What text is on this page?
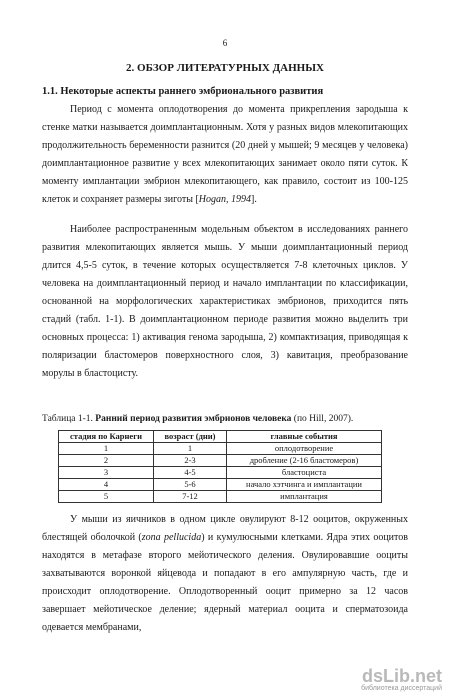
6
2. ОБЗОР ЛИТЕРАТУРНЫХ ДАННЫХ
1.1. Некоторые аспекты раннего эмбрионального развития
Период с момента оплодотворения до момента прикрепления зародыша к стенке матки называется доимплантационным. Хотя у разных видов млекопитающих продолжительность беременности разнится (20 дней у мышей; 9 месяцев у человека) доимплантационное развитие у всех млекопитающих занимает около пяти суток. К моменту имплантации эмбрион млекопитающего, как правило, состоит из 100-125 клеток и сохраняет размеры зиготы [Hogan, 1994].
Наиболее распространенным модельным объектом в исследованиях раннего развития млекопитающих является мышь. У мыши доимплантационный период длится 4,5-5 суток, в течение которых осуществляется 7-8 клеточных циклов. У человека на доимплантационный период и начало имплантации по классификации, основанной на морфологических характеристиках эмбрионов, приходится пять стадий (табл. 1-1). В доимплантационном периоде развития можно выделить три основных процесса: 1) активация генома зародыша, 2) компактизация, приводящая к поляризации бластомеров поверхностного слоя, 3) кавитация, преобразование морулы в бластоцисту.
Таблица 1-1. Ранний период развития эмбрионов человека (по Hill, 2007).
стадия по Карнеги	возраст (дни)	главные события
1	1	оплодотворение
2	2-3	дробление (2-16 бластомеров)
3	4-5	бластоциста
4	5-6	начало хэтчинга и имплантации
5	7-12	имплантация
У мыши из яичников в одном цикле овулируют 8-12 ооцитов, окруженных блестящей оболочкой (zona pellucida) и кумулюсными клетками. Ядра этих ооцитов находятся в метафазе второго мейотического деления. Овулировавшие ооциты захватываются воронкой яйцевода и попадают в его ампулярную часть, где и происходит оплодотворение. Оплодотворенный ооцит примерно за 12 часов завершает мейотическое деление; ядерный материал ооцита и сперматозоида одевается мембранами,
dsLib.net
библиотека диссертаций
